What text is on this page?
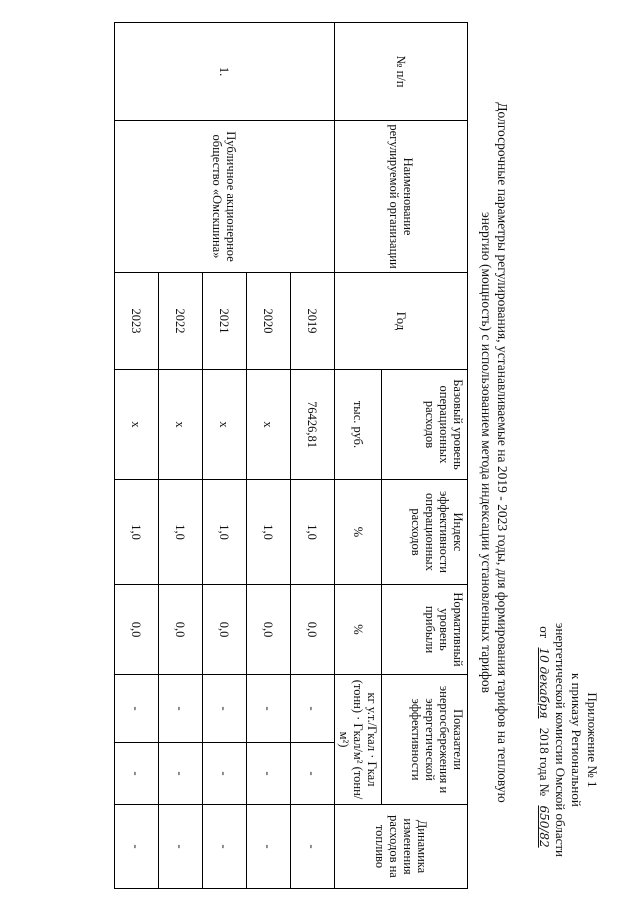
Приложение № 1
к приказу Региональной
энергетической комиссии Омской области
от 10 декабря 2018 года № 650/82
Долгосрочные параметры регулирования, устанавливаемые на 2019 - 2023 годы, для формирования тарифов на тепловую
энергию (мощность) с использованием метода индексации установленных тарифов
№ п/п	Наименование регулируемой организации	Год	Базовый уровень операционных расходов	Индекс эффективности операционных расходов	Нормативный уровень прибыли	Показатели энергосбережения и энергетической эффективности		Динамика изменения расходов на топливо
			тыс. руб.	%	%	кг у.т./Гкал · Гкал (тонн) · Гкал/м² (тонн/м²)		
1.	Публичное акционерное общество «Омскшина»	2019	76426,81	1,0	0,0	-	-	-
		2020	х	1,0	0,0	-	-	-
		2021	х	1,0	0,0	-	-	-
		2022	х	1,0	0,0	-	-	-
		2023	х	1,0	0,0	-	-	-
